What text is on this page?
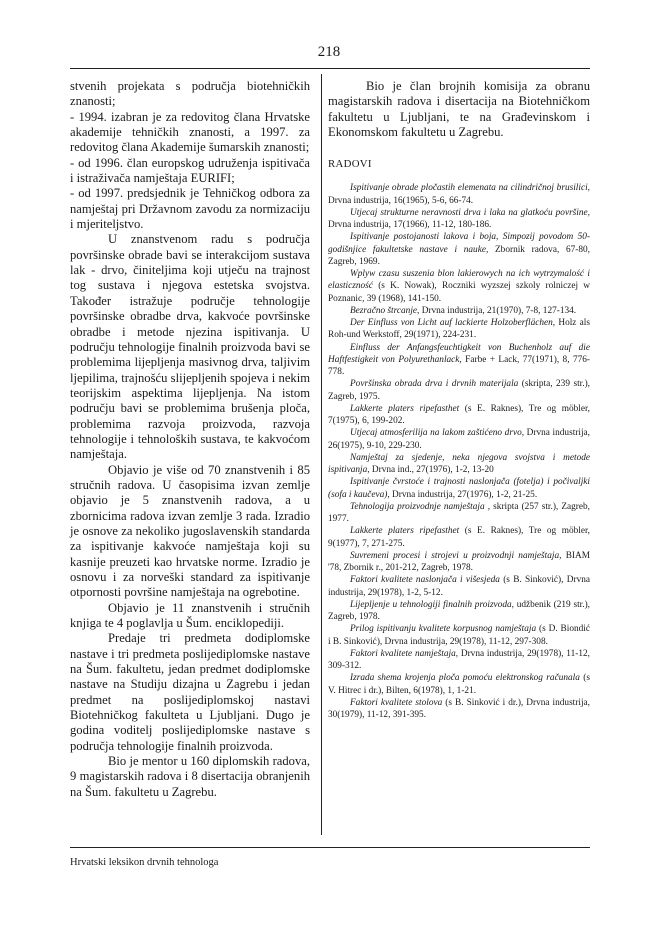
218

stvenih projekata s područja biotehničkih znanosti;

- 1994. izabran je za redovitog člana Hrvatske akademije tehničkih znanosti, a 1997. za redovitog člana Akademije šumarskih znanosti;

- od 1996. član europskog udruženja ispitivača i istraživača namještaja EURIFI;

- od 1997. predsjednik je Tehničkog odbora za namještaj pri Državnom zavodu za normizaciju i mjeriteljstvo.

U znanstvenom radu s područja površinske obrade bavi se interakcijom sustava lak - drvo, činiteljima koji utječu na trajnost tog sustava i njegova estetska svojstva. Također istražuje područje tehnologije površinske obradbe drva, kakvoće površinske obradbe i metode njezina ispitivanja. U području tehnologije finalnih proizvoda bavi se problemima lijepljenja masivnog drva, taljivim ljepilima, trajnošću slijepljenih spojeva i nekim teorijskim aspektima lijepljenja. Na istom području bavi se problemima brušenja ploča, problemima razvoja proizvoda, razvoja tehnologije i tehnoloških sustava, te kakvoćom namještaja.

Objavio je više od 70 znanstvenih i 85 stručnih radova. U časopisima izvan zemlje objavio je 5 znanstvenih radova, a u zbornicima radova izvan zemlje 3 rada. Izradio je osnove za nekoliko jugoslavenskih standarda za ispitivanje kakvoće namještaja koji su kasnije preuzeti kao hrvatske norme. Izradio je osnovu i za norveški standard za ispitivanje otpornosti površine namještaja na ogrebotine.

Objavio je 11 znanstvenih i stručnih knjiga te 4 poglavlja u Šum. enciklopediji.

Predaje tri predmeta dodiplomske nastave i tri predmeta poslijediplomske nastave na Šum. fakultetu, jedan predmet dodiplomske nastave na Studiju dizajna u Zagrebu i jedan predmet na poslijediplomskoj nastavi Biotehničkog fakulteta u Ljubljani. Dugo je godina voditelj poslijediplomske nastave s područja tehnologije finalnih proizvoda.

Bio je mentor u 160 diplomskih radova, 9 magistarskih radova i 8 disertacija obranjenih na Šum. fakultetu u Zagrebu.

Bio je član brojnih komisija za obranu magistarskih radova i disertacija na Biotehničkom fakultetu u Ljubljani, te na Građevinskom i Ekonomskom fakultetu u Zagrebu.

RADOVI

Ispitivanje obrade pločastih elemenata na cilindričnoj brusilici, Drvna industrija, 16(1965), 5-6, 66-74.

Utjecaj strukturne neravnosti drva i laka na glatkoću površine, Drvna industrija, 17(1966), 11-12, 180-186.

Ispitivanje postojanosti lakova i boja, Simpozij povodom 50-godišnjice fakultetske nastave i nauke, Zbornik radova, 67-80, Zagreb, 1969.

Wplyw czasu suszenia blon lakierowych na ich wytrzymalość i elasticzność (s K. Nowak), Roczniki wyzszej szkoly rolniczej w Poznanic, 39 (1968), 141-150.

Bezračno štrcanje, Drvna industrija, 21(1970), 7-8, 127-134.

Der Einfluss von Licht auf lackierte Holzoberflächen, Holz als Roh-und Werkstoff, 29(1971), 224-231.

Einfluss der Anfangsfeuchtigkeit von Buchenholz auf die Haftfestigkeit von Polyurethanlack, Farbe + Lack, 77(1971), 8, 776-778.

Površinska obrada drva i drvnih materijala (skripta, 239 str.), Zagreb, 1975.

Lakkerte platers ripefasthet (s E. Raknes), Tre og möbler, 7(1975), 6, 199-202.

Utjecaj atmosferilija na lakom zaštićeno drvo, Drvna industrija, 26(1975), 9-10, 229-230.

Namještaj za sjedenje, neka njegova svojstva i metode ispitivanja, Drvna ind., 27(1976), 1-2, 13-20

Ispitivanje čvrstoće i trajnosti naslonjača (fotelja) i počivaljki (sofa i kaučeva), Drvna industrija, 27(1976), 1-2, 21-25.

Tehnologija proizvodnje namještaja , skripta (257 str.), Zagreb, 1977.

Lakkerte platers ripefasthet (s E. Raknes), Tre og möbler, 9(1977), 7, 271-275.

Suvremeni procesi i strojevi u proizvodnji namještaja, BIAM '78, Zbornik r., 201-212, Zagreb, 1978.

Faktori kvalitete naslonjača i višesjeda (s B. Sinković), Drvna industrija, 29(1978), 1-2, 5-12.

Lijepljenje u tehnologiji finalnih proizvoda, udžbenik (219 str.), Zagreb, 1978.

Prilog ispitivanju kvalitete korpusnog namještaja (s D. Biondić i B. Sinković), Drvna industrija, 29(1978), 11-12, 297-308.

Faktori kvalitete namještaja, Drvna industrija, 29(1978), 11-12, 309-312.

Izrada shema krojenja ploča pomoću elektronskog računala (s V. Hitrec i dr.), Bilten, 6(1978), 1, 1-21.

Faktori kvalitete stolova (s B. Sinković i dr.), Drvna industrija, 30(1979), 11-12, 391-395.

Hrvatski leksikon drvnih tehnologa
